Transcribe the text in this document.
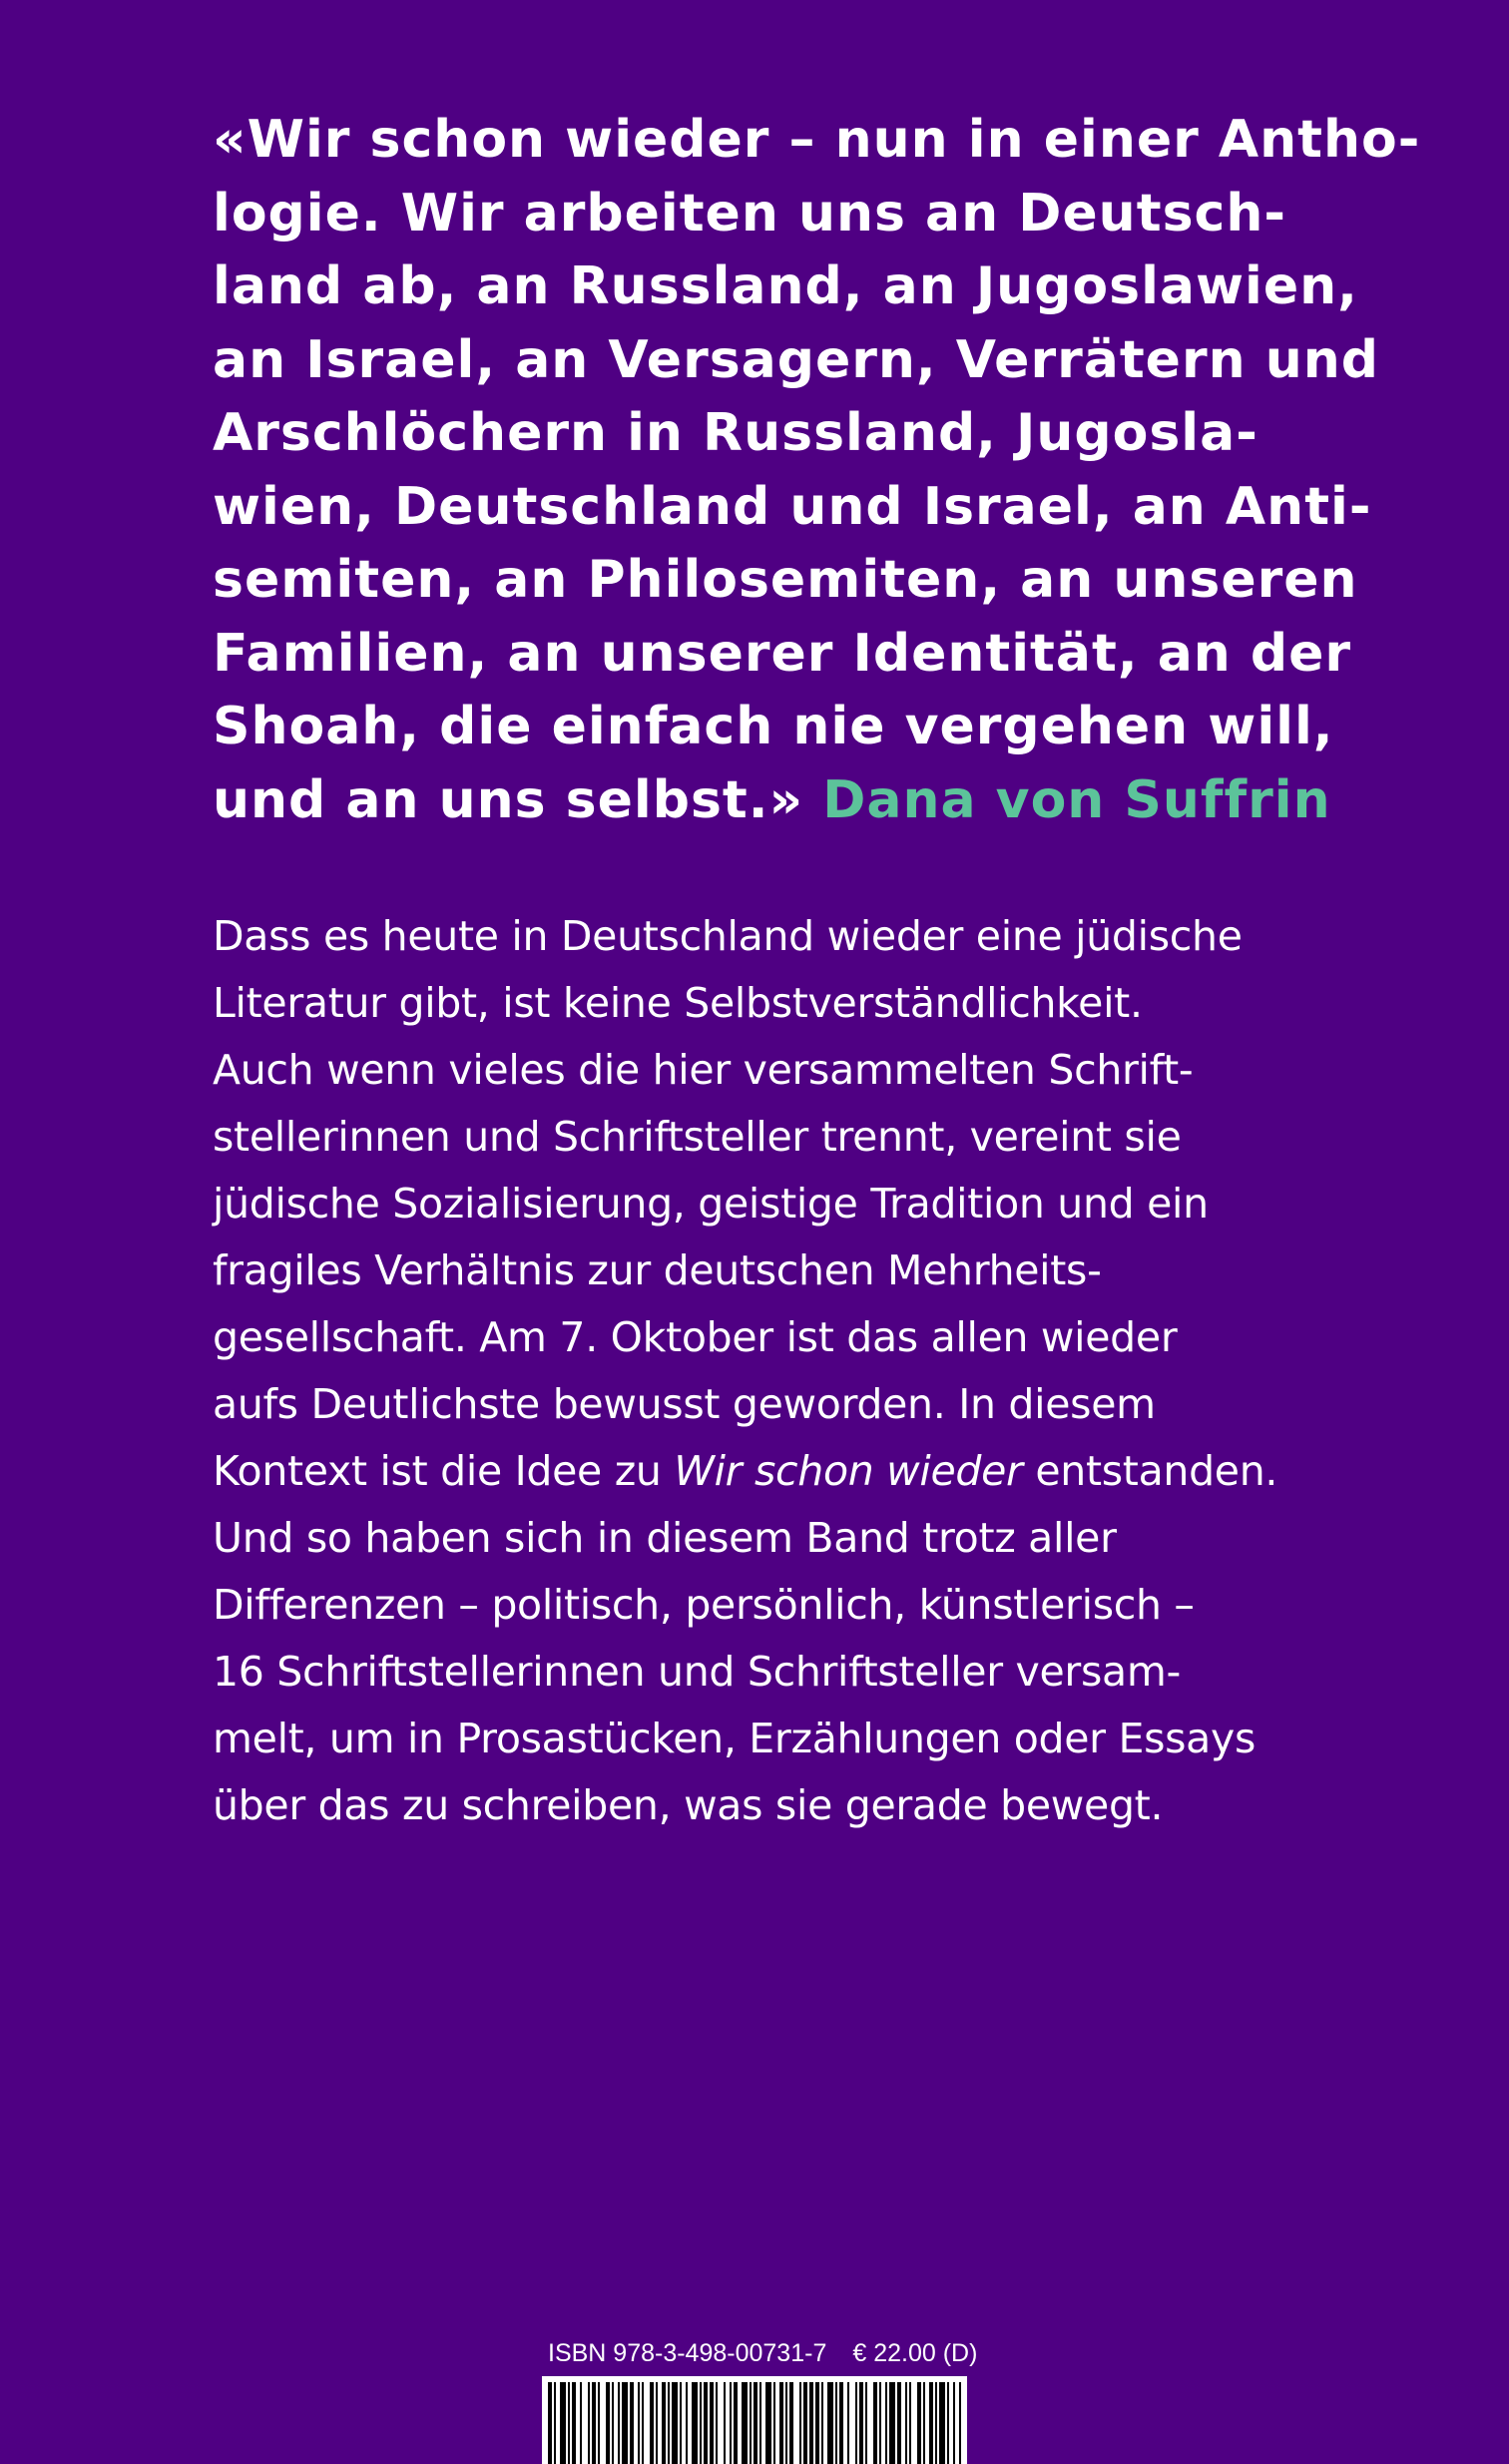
«Wir schon wieder – nun in einer Antho-
logie. Wir arbeiten uns an Deutsch-
land ab, an Russland, an Jugoslawien,
an Israel, an Versagern, Verrätern und
Arschlöchern in Russland, Jugosla-
wien, Deutschland und Israel, an Anti-
semiten, an Philosemiten, an unseren
Familien, an unserer Identität, an der
Shoah, die einfach nie vergehen will,
und an uns selbst.» Dana von Suffrin

Dass es heute in Deutschland wieder eine jüdische
Literatur gibt, ist keine Selbstverständlichkeit.
Auch wenn vieles die hier versammelten Schrift-
stellerinnen und Schriftsteller trennt, vereint sie
jüdische Sozialisierung, geistige Tradition und ein
fragiles Verhältnis zur deutschen Mehrheits-
gesellschaft. Am 7. Oktober ist das allen wieder
aufs Deutlichste bewusst geworden. In diesem
Kontext ist die Idee zu Wir schon wieder entstanden.
Und so haben sich in diesem Band trotz aller
Differenzen – politisch, persönlich, künstlerisch –
16 Schriftstellerinnen und Schriftsteller versam-
melt, um in Prosastücken, Erzählungen oder Essays
über das zu schreiben, was sie gerade bewegt.

ISBN 978-3-498-00731-7 € 22.00 (D)
